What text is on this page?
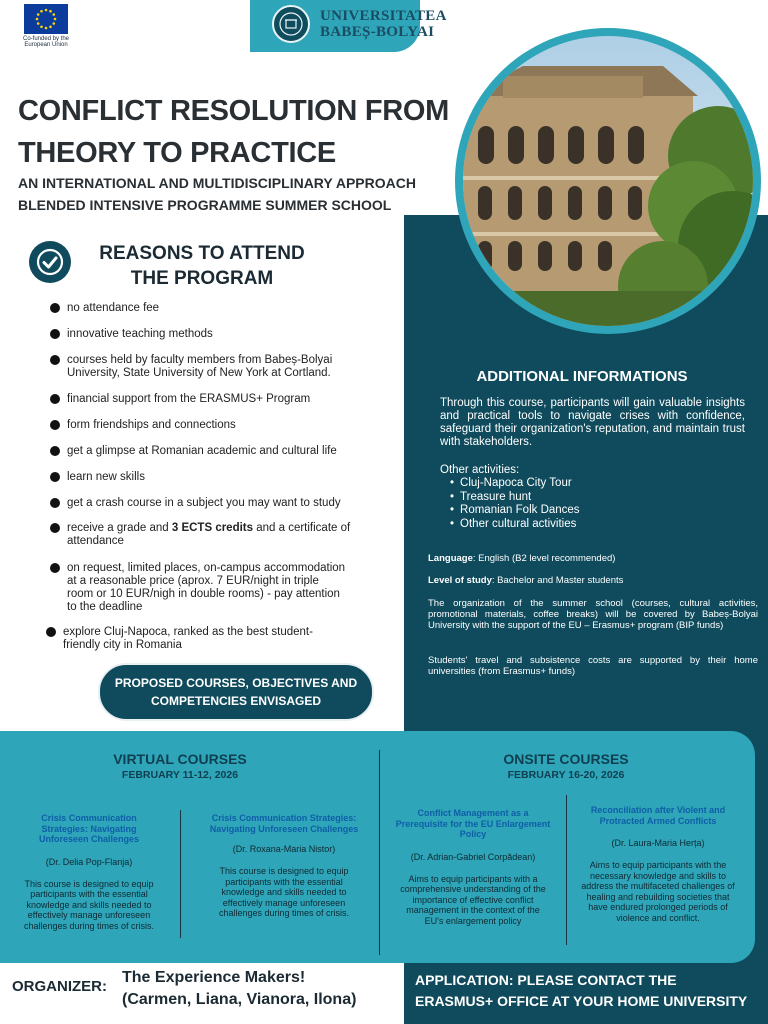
Co-funded by the European Union
UNIVERSITATEA
BABEȘ-BOLYAI
CONFLICT RESOLUTION FROM
THEORY TO PRACTICE
AN INTERNATIONAL AND MULTIDISCIPLINARY APPROACH
BLENDED INTENSIVE PROGRAMME SUMMER SCHOOL
REASONS TO ATTEND
THE PROGRAM
no attendance fee
innovative teaching methods
courses held by faculty members from Babeș-Bolyai University, State University of New York at Cortland.
financial support from the ERASMUS+ Program
form friendships and connections
get a glimpse at Romanian academic and cultural life
learn new skills
get a crash course in a subject you may want to study
receive a grade and 3 ECTS credits and a certificate of attendance
on request, limited places, on-campus accommodation at a reasonable price (aprox. 7 EUR/night in triple room or 10 EUR/nigh in double rooms) - pay attention to the deadline
explore Cluj-Napoca, ranked as the best student-friendly city in Romania
PROPOSED COURSES, OBJECTIVES AND
COMPETENCIES ENVISAGED
ADDITIONAL INFORMATIONS
Through this course, participants will gain valuable insights and practical tools to navigate crises with confidence, safeguard their organization's reputation, and maintain trust with stakeholders.
Other activities:
• Cluj-Napoca City Tour
• Treasure hunt
• Romanian Folk Dances
• Other cultural activities
Language: English (B2 level recommended)
Level of study: Bachelor and Master students
The organization of the summer school (courses, cultural activities, promotional materials, coffee breaks) will be covered by Babeș-Bolyai University with the support of the EU – Erasmus+ program (BIP funds)
Students' travel and subsistence costs are supported by their home universities (from Erasmus+ funds)
VIRTUAL COURSES
FEBRUARY 11-12, 2026
ONSITE COURSES
FEBRUARY 16-20, 2026
Crisis Communication Strategies: Navigating Unforeseen Challenges
(Dr. Delia Pop-Flanja)
This course is designed to equip participants with the essential knowledge and skills needed to effectively manage unforeseen challenges during times of crisis.
Crisis Communication Strategies: Navigating Unforeseen Challenges
(Dr. Roxana-Maria Nistor)
This course is designed to equip participants with the essential knowledge and skills needed to effectively manage unforeseen challenges during times of crisis.
Conflict Management as a Prerequisite for the EU Enlargement Policy
(Dr. Adrian-Gabriel Corpădean)
Aims to equip participants with a comprehensive understanding of the importance of effective conflict management in the context of the EU's enlargement policy
Reconciliation after Violent and Protracted Armed Conflicts
(Dr. Laura-Maria Herța)
Aims to equip participants with the necessary knowledge and skills to address the multifaceted challenges of healing and rebuilding societies that have endured prolonged periods of violence and conflict.
ORGANIZER:
The Experience Makers!
(Carmen, Liana, Vianora, Ilona)
APPLICATION: PLEASE CONTACT THE
ERASMUS+ OFFICE AT YOUR HOME UNIVERSITY
